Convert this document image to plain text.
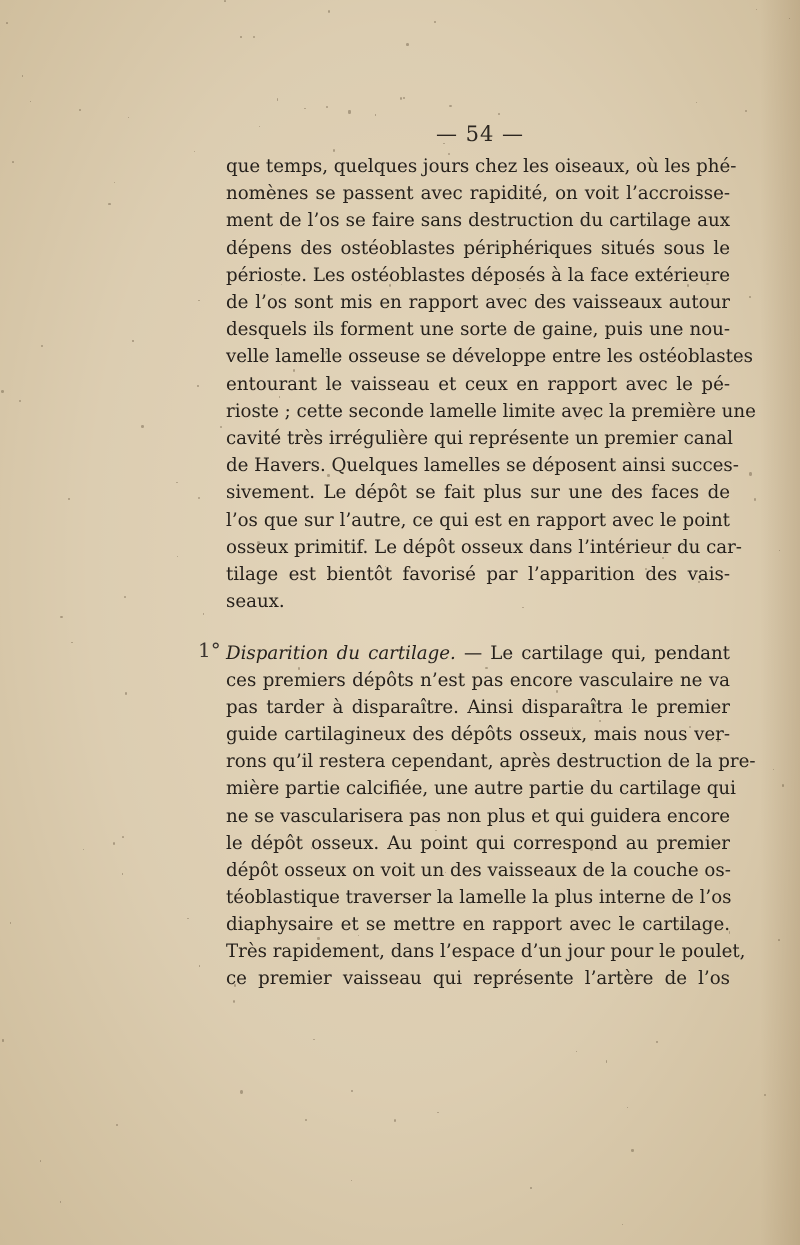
— 54 —
que temps, quelques jours chez les oiseaux, où les phé-
nomènes se passent avec rapidité, on voit l’accroisse-
ment de l’os se faire sans destruction du cartilage aux
dépens des ostéoblastes périphériques situés sous le
périoste. Les ostéoblastes déposés à la face extérieure
de l’os sont mis en rapport avec des vaisseaux autour
desquels ils forment une sorte de gaine, puis une nou-
velle lamelle osseuse se développe entre les ostéoblastes
entourant le vaisseau et ceux en rapport avec le pé-
rioste ; cette seconde lamelle limite avec la première une
cavité très irrégulière qui représente un premier canal
de Havers. Quelques lamelles se déposent ainsi succes-
sivement. Le dépôt se fait plus sur une des faces de
l’os que sur l’autre, ce qui est en rapport avec le point
osseux primitif. Le dépôt osseux dans l’intérieur du car-
tilage est bientôt favorisé par l’apparition des vais-
seaux.
1° Disparition du cartilage. — Le cartilage qui, pendant
ces premiers dépôts n’est pas encore vasculaire ne va
pas tarder à disparaître. Ainsi disparaîtra le premier
guide cartilagineux des dépôts osseux, mais nous ver-
rons qu’il restera cependant, après destruction de la pre-
mière partie calcifiée, une autre partie du cartilage qui
ne se vascularisera pas non plus et qui guidera encore
le dépôt osseux. Au point qui correspond au premier
dépôt osseux on voit un des vaisseaux de la couche os-
téoblastique traverser la lamelle la plus interne de l’os
diaphysaire et se mettre en rapport avec le cartilage.
Très rapidement, dans l’espace d’un jour pour le poulet,
ce premier vaisseau qui représente l’artère de l’os
